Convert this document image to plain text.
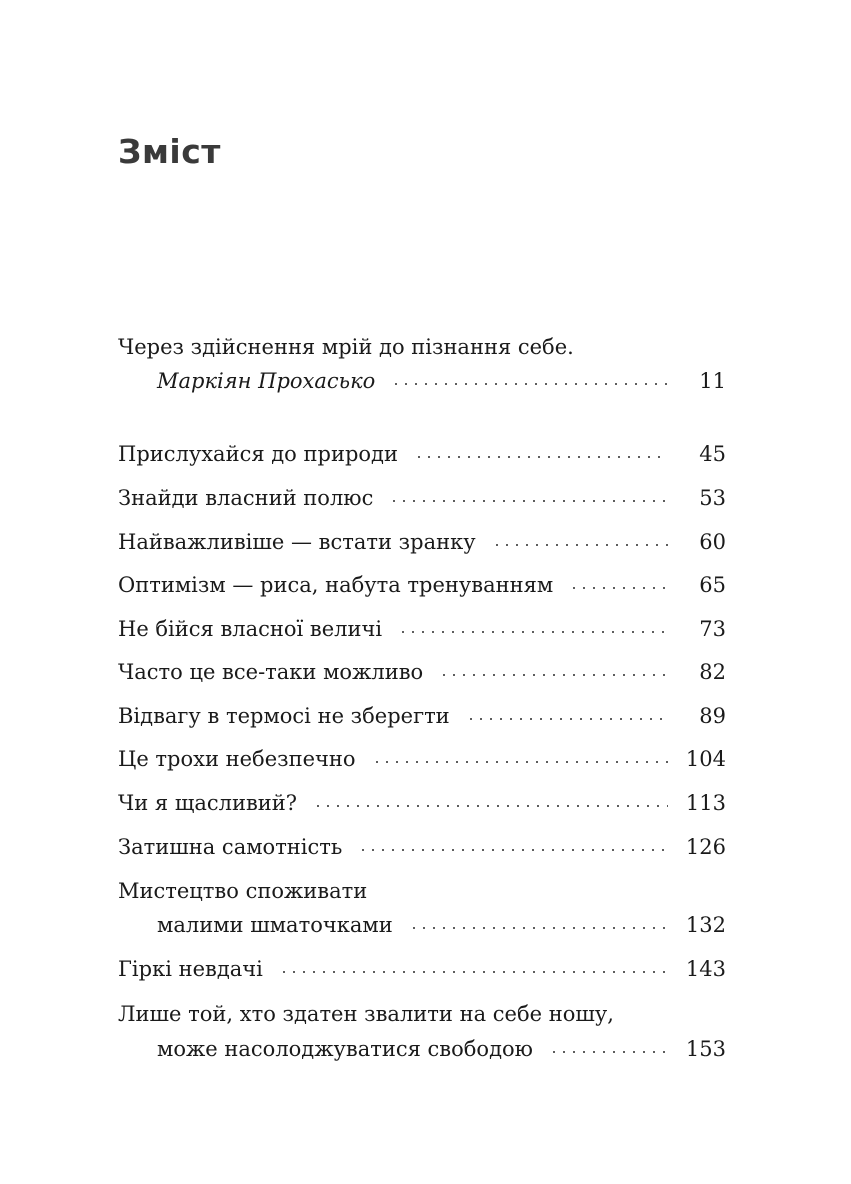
Зміст
Через здійснення мрій до пізнання себе.
Маркіян Прохасько	11
Прислухайся до природи	45
Знайди власний полюс	53
Найважливіше — встати зранку	60
Оптимізм — риса, набута тренуванням	65
Не бійся власної величі	73
Часто це все-таки можливо	82
Відвагу в термосі не зберегти	89
Це трохи небезпечно	104
Чи я щасливий?	113
Затишна самотність	126
Мистецтво споживати
малими шматочками	132
Гіркі невдачі	143
Лише той, хто здатен звалити на себе ношу,
може насолоджуватися свободою	153
